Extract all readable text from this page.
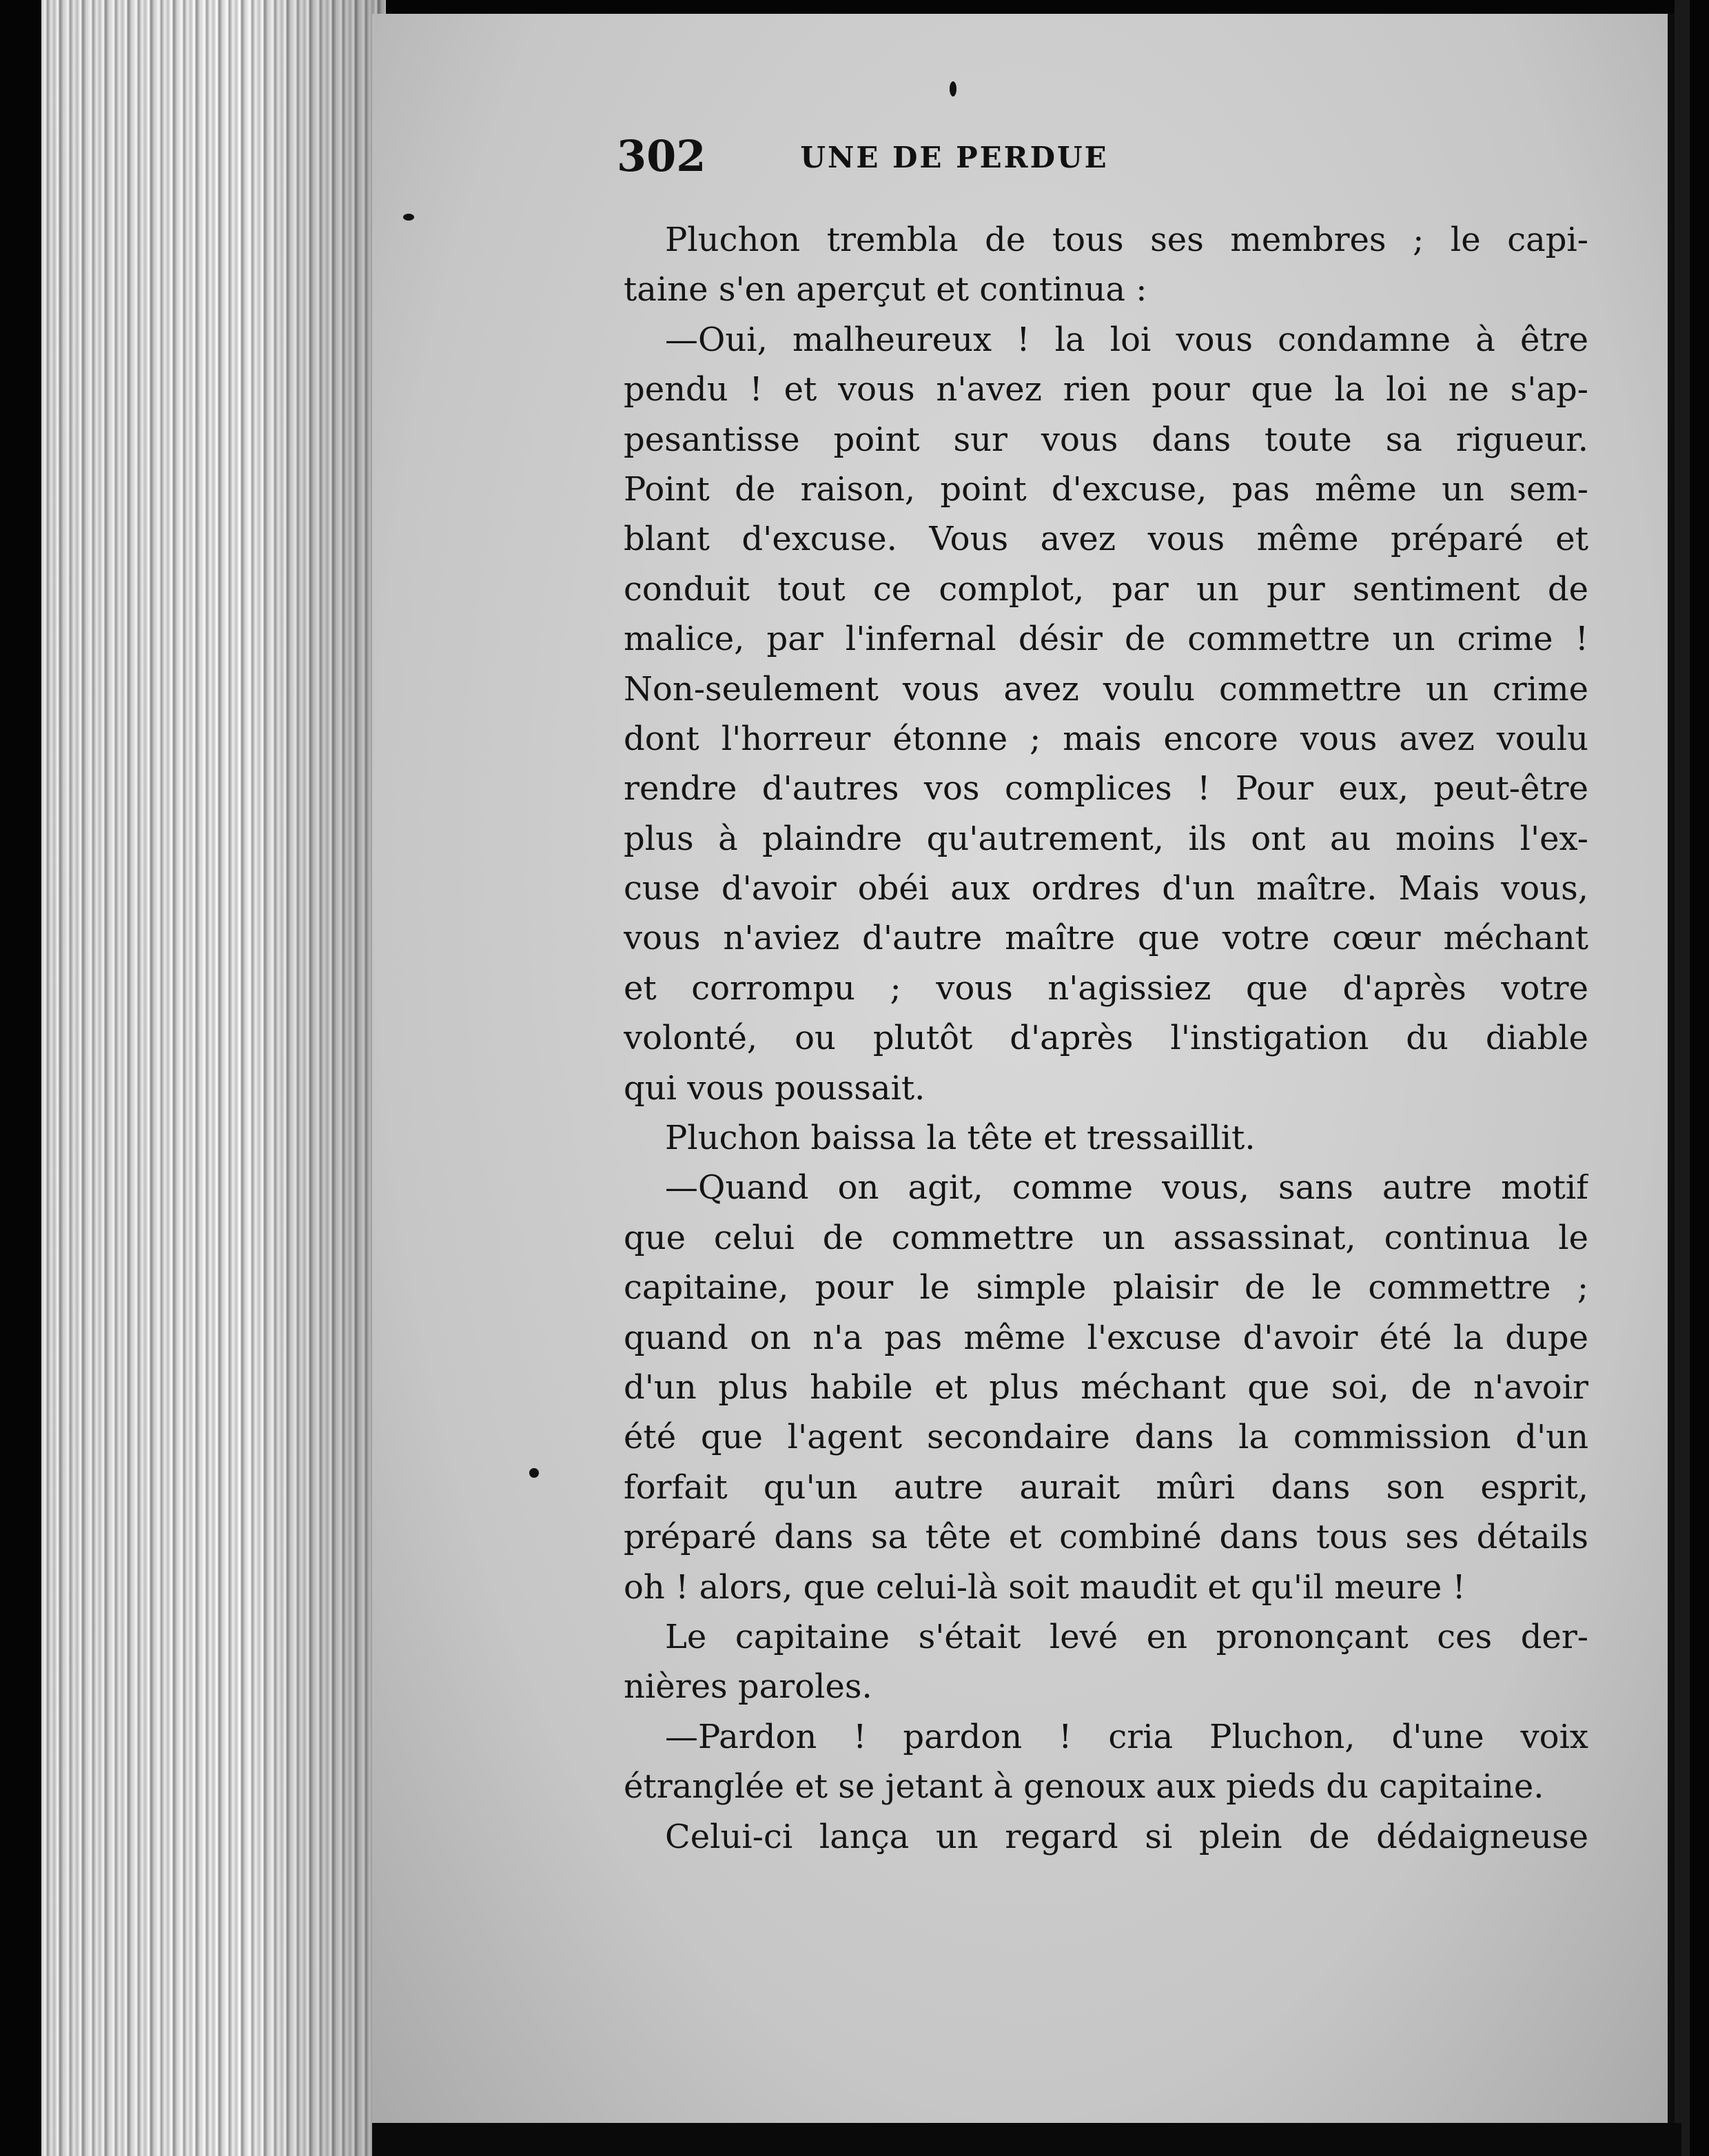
302	UNE DE PERDUE
Pluchon trembla de tous ses membres ; le capi-
taine s'en aperçut et continua :
—Oui, malheureux ! la loi vous condamne à être
pendu ! et vous n'avez rien pour que la loi ne s'ap-
pesantisse point sur vous dans toute sa rigueur.
Point de raison, point d'excuse, pas même un sem-
blant d'excuse. Vous avez vous même préparé et
conduit tout ce complot, par un pur sentiment de
malice, par l'infernal désir de commettre un crime !
Non-seulement vous avez voulu commettre un crime
dont l'horreur étonne ; mais encore vous avez voulu
rendre d'autres vos complices ! Pour eux, peut-être
plus à plaindre qu'autrement, ils ont au moins l'ex-
cuse d'avoir obéi aux ordres d'un maître. Mais vous,
vous n'aviez d'autre maître que votre cœur méchant
et corrompu ; vous n'agissiez que d'après votre
volonté, ou plutôt d'après l'instigation du diable
qui vous poussait.
Pluchon baissa la tête et tressaillit.
—Quand on agit, comme vous, sans autre motif
que celui de commettre un assassinat, continua le
capitaine, pour le simple plaisir de le commettre ;
quand on n'a pas même l'excuse d'avoir été la dupe
d'un plus habile et plus méchant que soi, de n'avoir
été que l'agent secondaire dans la commission d'un
forfait qu'un autre aurait mûri dans son esprit,
préparé dans sa tête et combiné dans tous ses détails
oh ! alors, que celui-là soit maudit et qu'il meure !
Le capitaine s'était levé en prononçant ces der-
nières paroles.
—Pardon ! pardon ! cria Pluchon, d'une voix
étranglée et se jetant à genoux aux pieds du capitaine.
Celui-ci lança un regard si plein de dédaigneuse
